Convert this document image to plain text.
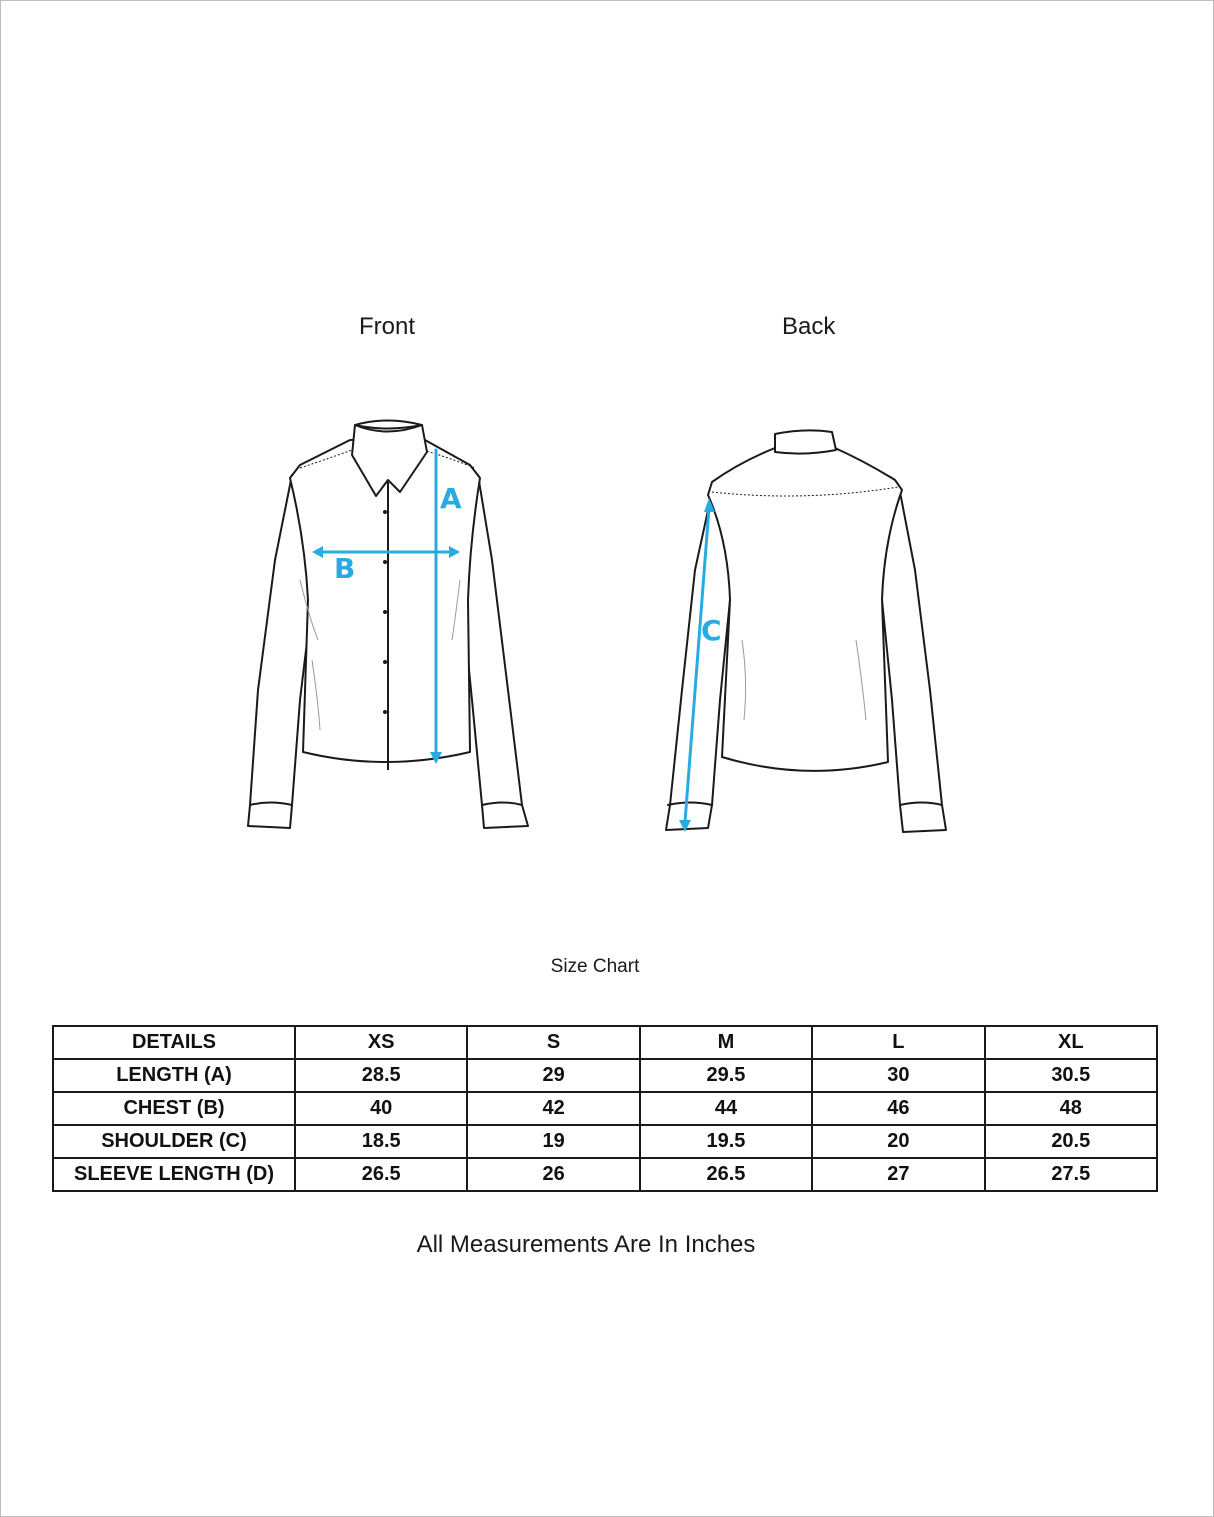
Front	Back
A
B
C
Size Chart
DETAILS	XS	S	M	L	XL
LENGTH (A)	28.5	29	29.5	30	30.5
CHEST (B)	40	42	44	46	48
SHOULDER (C)	18.5	19	19.5	20	20.5
SLEEVE LENGTH (D)	26.5	26	26.5	27	27.5
All Measurements Are In Inches
